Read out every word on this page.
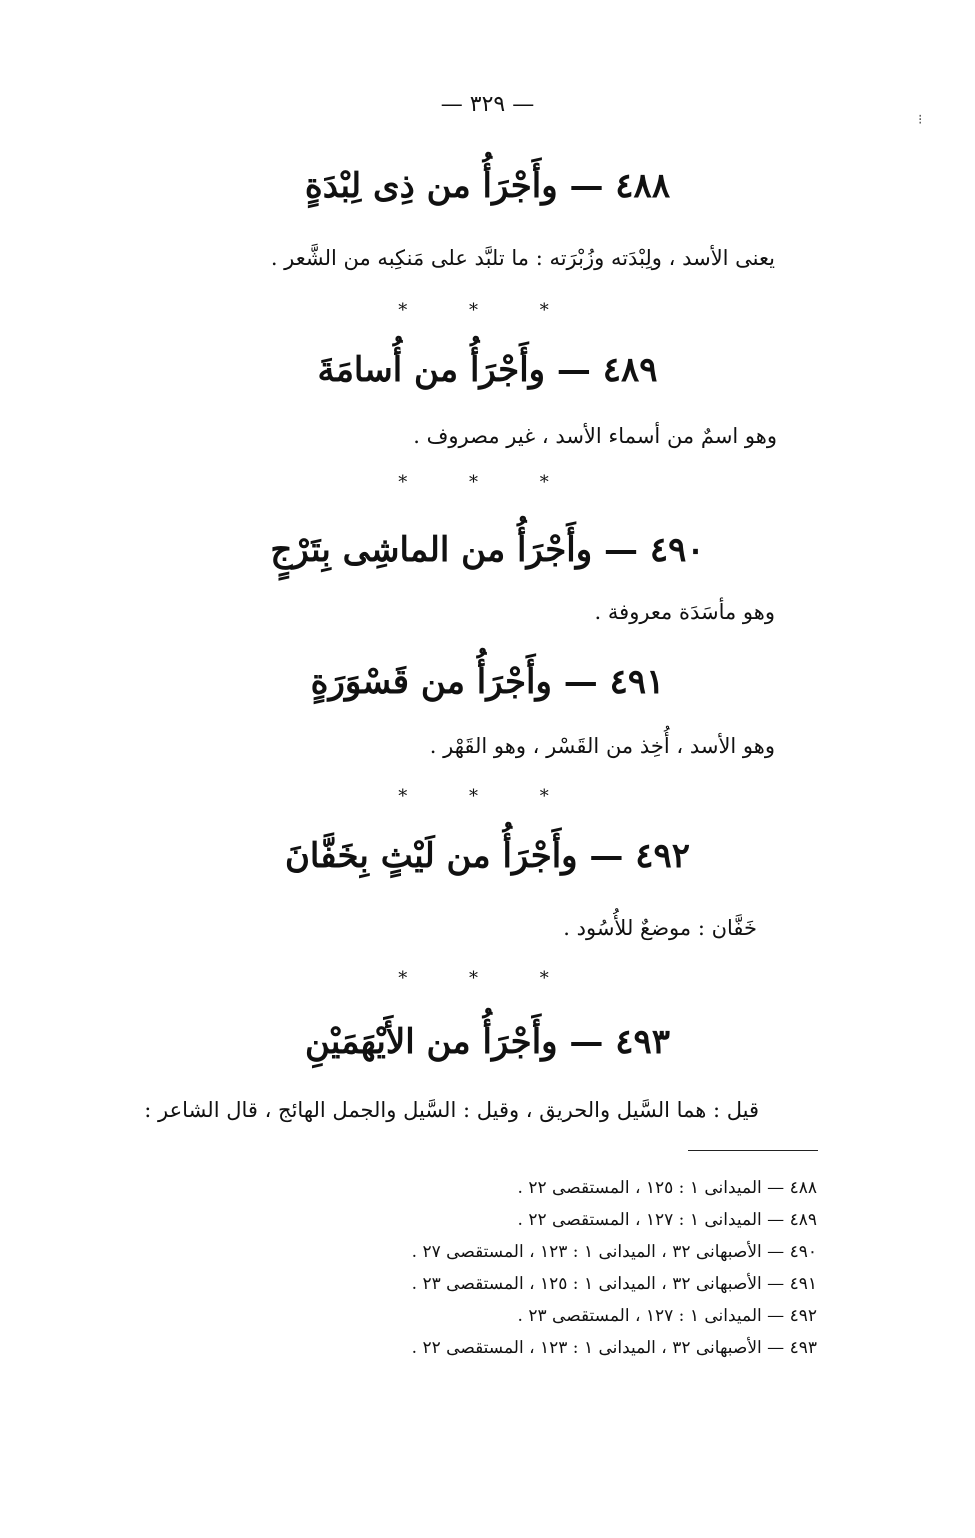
— ٣٢٩ —
⁝
٤٨٨ — وأَجْرَأُ من ذِى لِبْدَةٍ
يعنى الأسد ، ولِبْدَته وزُبْرَته : ما تلبَّد على مَنكِبه من الشَّعر .
* * *
٤٨٩ — وأَجْرَأُ من أُسامَةَ
وهو اسمٌ من أسماء الأسد ، غير مصروف .
* * *
٤٩٠ — وأَجْرَأُ من الماشِى بِتَرْجٍ
وهو مأسَدَة معروفة .
٤٩١ — وأَجْرَأُ من قَسْوَرَةٍ
وهو الأسد ، أُخِذ من القَسْر ، وهو القَهْر .
* * *
٤٩٢ — وأَجْرَأُ من لَيْثٍ بِخَفَّانَ
خَفَّان : موضعٌ للأُسُود .
* * *
٤٩٣ — وأَجْرَأُ من الأَيْهَمَيْنِ
قيل : هما السَّيل والحريق ، وقيل : السَّيل والجمل الهائج ، قال الشاعر :
٤٨٨ — الميدانى ١ : ١٢٥ ، المستقصى ٢٢ .
٤٨٩ — الميدانى ١ : ١٢٧ ، المستقصى ٢٢ .
٤٩٠ — الأصبهانى ٣٢ ، الميدانى ١ : ١٢٣ ، المستقصى ٢٧ .
٤٩١ — الأصبهانى ٣٢ ، الميدانى ١ : ١٢٥ ، المستقصى ٢٣ .
٤٩٢ — الميدانى ١ : ١٢٧ ، المستقصى ٢٣ .
٤٩٣ — الأصبهانى ٣٢ ، الميدانى ١ : ١٢٣ ، المستقصى ٢٢ .
